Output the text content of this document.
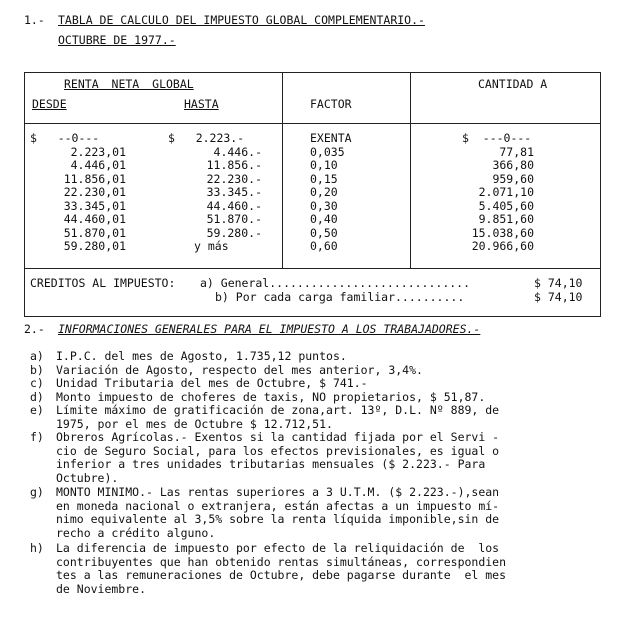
1.- TABLA DE CALCULO DEL IMPUESTO GLOBAL COMPLEMENTARIO.-
OCTUBRE DE 1977.-
RENTA NETA GLOBAL
DESDE	HASTA	FACTOR
CANTIDAD A
$   --0---	$   2.223.-	EXENTA	$  ---0---
2.223,01	4.446.-	0,035	77,81
4.446,01	11.856.-	0,10	366,80
11.856,01	22.230.-	0,15	959,60
22.230,01	33.345.-	0,20	2.071,10
33.345,01	44.460.-	0,30	5.405,60
44.460,01	51.870.-	0,40	9.851,60
51.870,01	59.280.-	0,50	15.038,60
59.280,01	y más	0,60	20.966,60
CREDITOS AL IMPUESTO: a) General.............................	$ 74,10
b) Por cada carga familiar..........	$ 74,10
2.- INFORMACIONES GENERALES PARA EL IMPUESTO A LOS TRABAJADORES.-
a) I.P.C. del mes de Agosto, 1.735,12 puntos.
b) Variación de Agosto, respecto del mes anterior, 3,4%.
c) Unidad Tributaria del mes de Octubre, $ 741.-
d) Monto impuesto de choferes de taxis, NO propietarios, $ 51,87.
e) Límite máximo de gratificación de zona,art. 13º, D.L. Nº 889, de
1975, por el mes de Octubre $ 12.712,51.
f) Obreros Agrícolas.- Exentos si la cantidad fijada por el Servi -
cio de Seguro Social, para los efectos previsionales, es igual o
inferior a tres unidades tributarias mensuales ($ 2.223.- Para
Octubre).
g) MONTO MINIMO.- Las rentas superiores a 3 U.T.M. ($ 2.223.-),sean
en moneda nacional o extranjera, están afectas a un impuesto mí-
nimo equivalente al 3,5% sobre la renta líquida imponible,sin de
recho a crédito alguno.
h) La diferencia de impuesto por efecto de la reliquidación de  los
contribuyentes que han obtenido rentas simultáneas, correspondien
tes a las remuneraciones de Octubre, debe pagarse durante  el mes
de Noviembre.
